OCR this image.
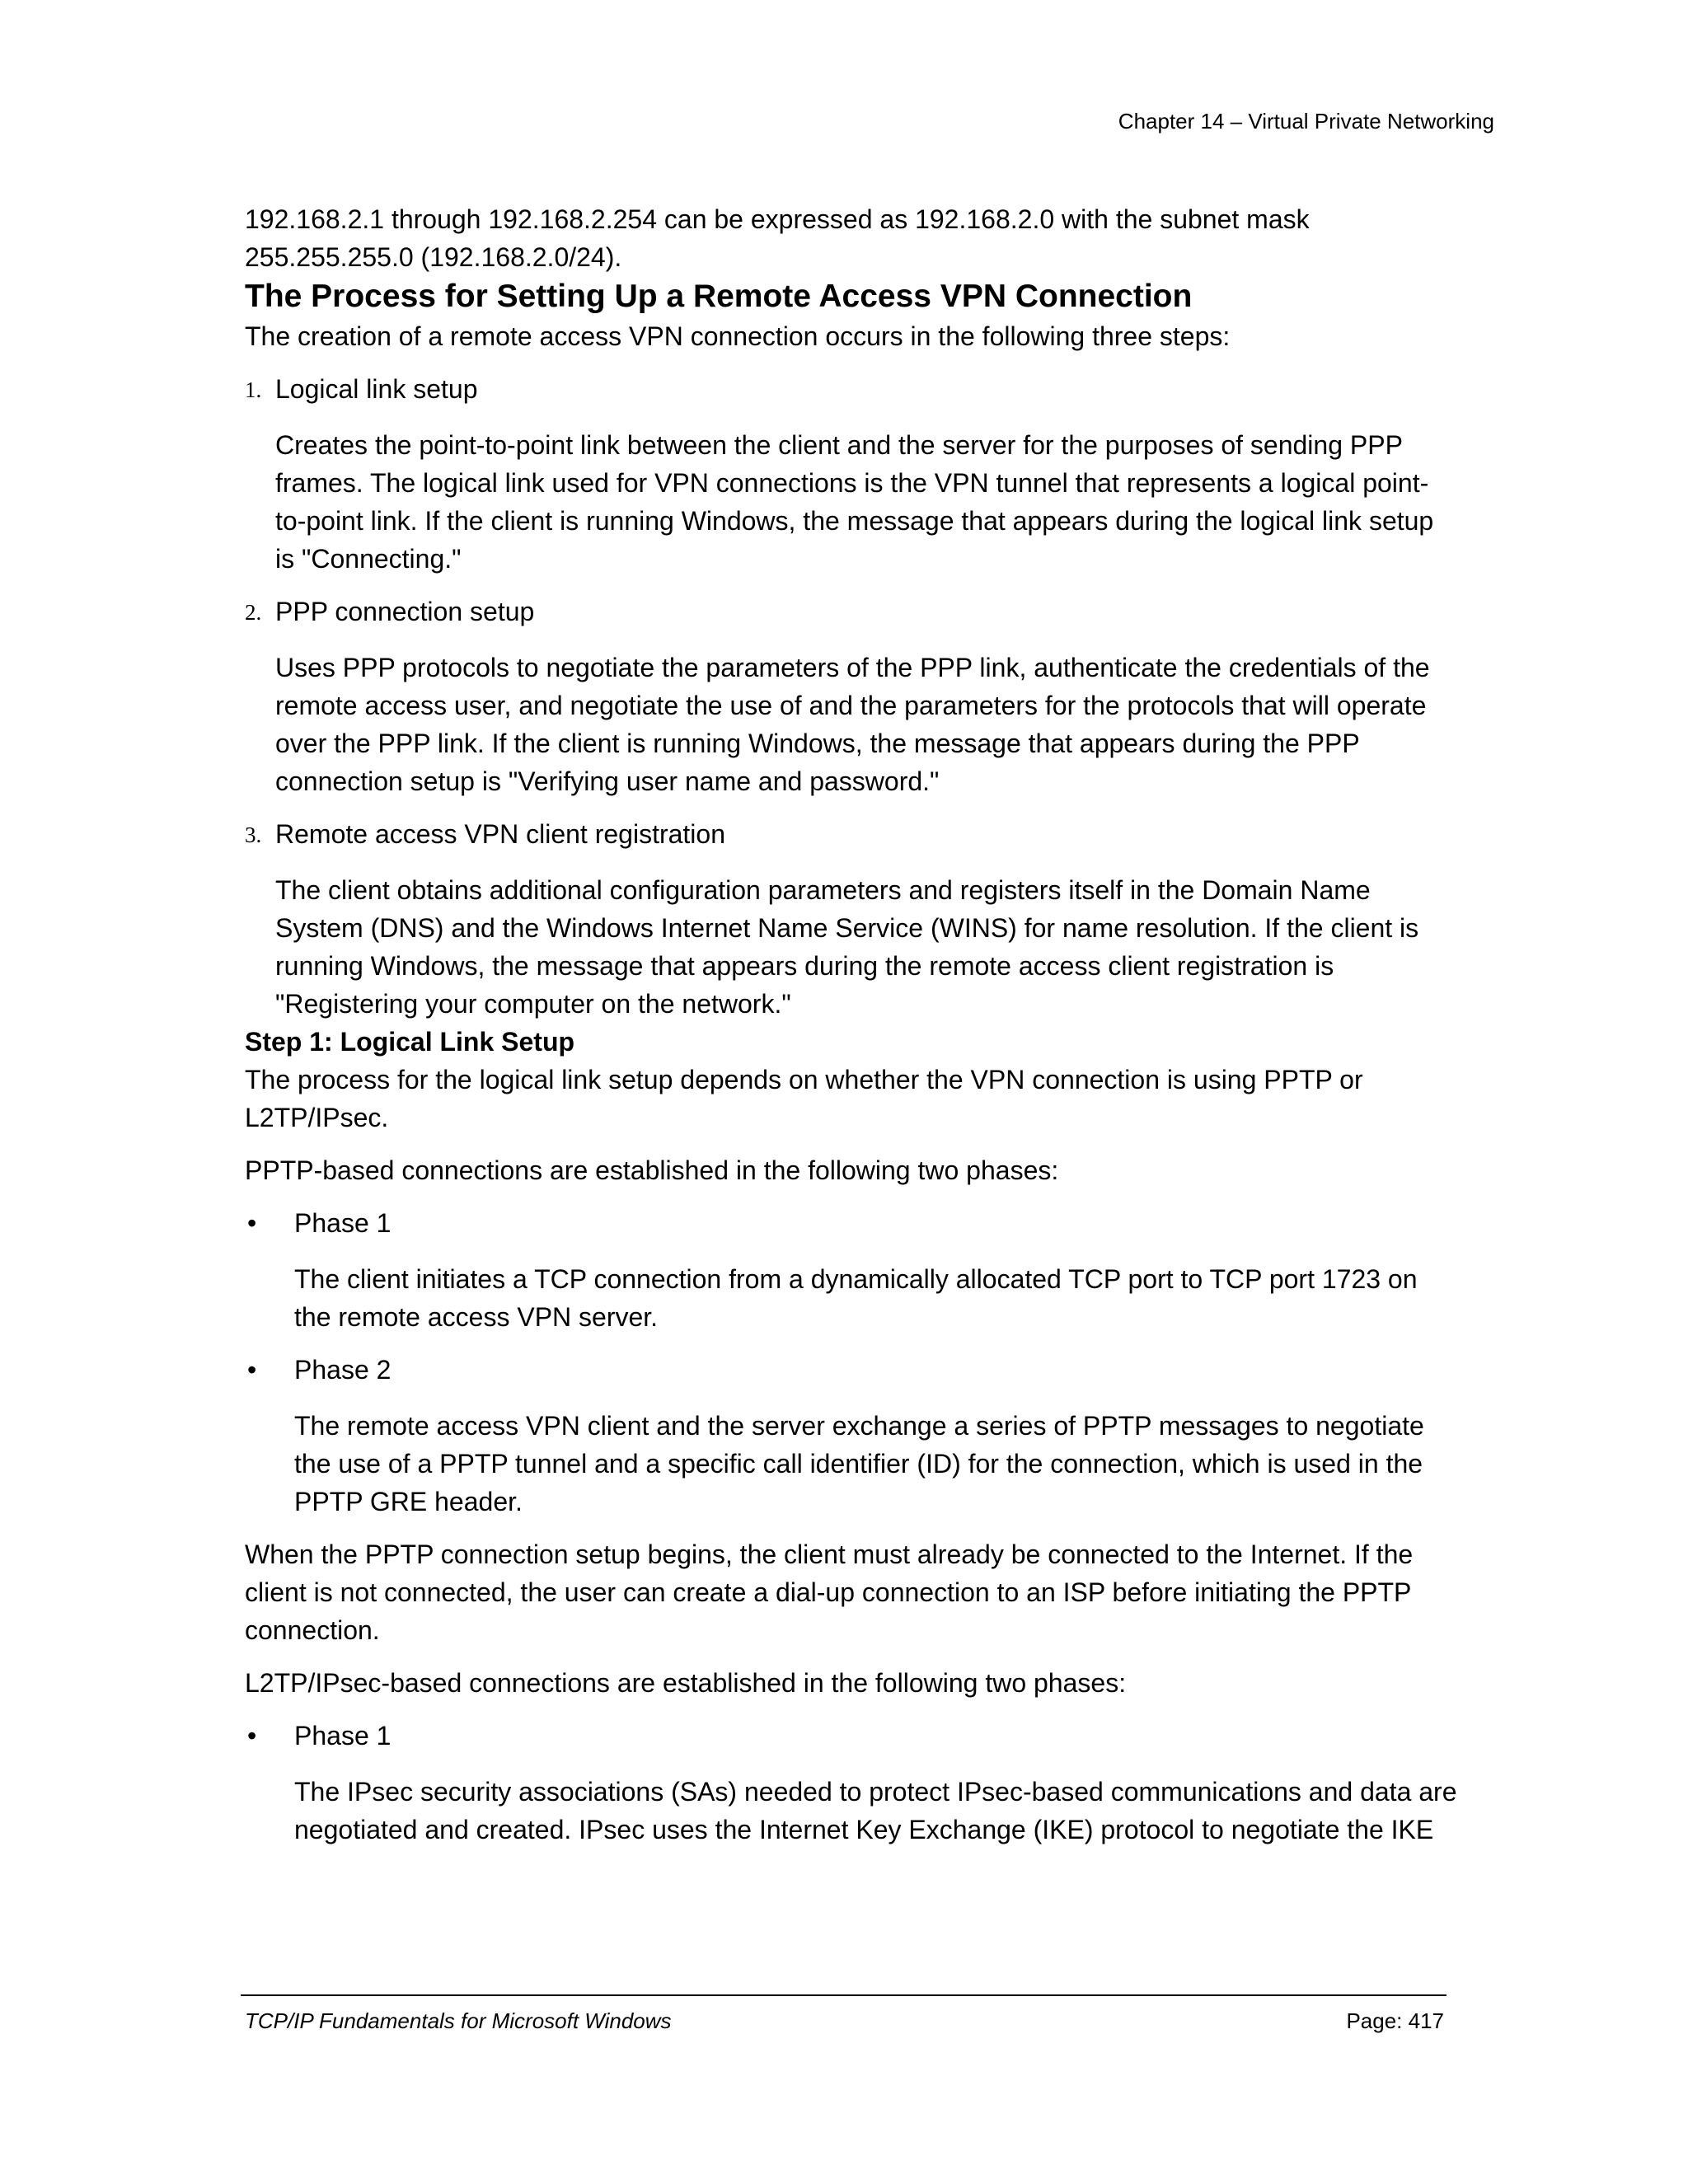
Chapter 14 – Virtual Private Networking

192.168.2.1 through 192.168.2.254 can be expressed as 192.168.2.0 with the subnet mask
255.255.255.0 (192.168.2.0/24).

The Process for Setting Up a Remote Access VPN Connection

The creation of a remote access VPN connection occurs in the following three steps:

1. Logical link setup

Creates the point-to-point link between the client and the server for the purposes of sending PPP
frames. The logical link used for VPN connections is the VPN tunnel that represents a logical point-
to-point link. If the client is running Windows, the message that appears during the logical link setup
is "Connecting."

2. PPP connection setup

Uses PPP protocols to negotiate the parameters of the PPP link, authenticate the credentials of the
remote access user, and negotiate the use of and the parameters for the protocols that will operate
over the PPP link. If the client is running Windows, the message that appears during the PPP
connection setup is "Verifying user name and password."

3. Remote access VPN client registration

The client obtains additional configuration parameters and registers itself in the Domain Name
System (DNS) and the Windows Internet Name Service (WINS) for name resolution. If the client is
running Windows, the message that appears during the remote access client registration is
"Registering your computer on the network."

Step 1: Logical Link Setup

The process for the logical link setup depends on whether the VPN connection is using PPTP or
L2TP/IPsec.

PPTP-based connections are established in the following two phases:

• Phase 1

The client initiates a TCP connection from a dynamically allocated TCP port to TCP port 1723 on
the remote access VPN server.

• Phase 2

The remote access VPN client and the server exchange a series of PPTP messages to negotiate
the use of a PPTP tunnel and a specific call identifier (ID) for the connection, which is used in the
PPTP GRE header.

When the PPTP connection setup begins, the client must already be connected to the Internet. If the
client is not connected, the user can create a dial-up connection to an ISP before initiating the PPTP
connection.

L2TP/IPsec-based connections are established in the following two phases:

• Phase 1

The IPsec security associations (SAs) needed to protect IPsec-based communications and data are
negotiated and created. IPsec uses the Internet Key Exchange (IKE) protocol to negotiate the IKE

TCP/IP Fundamentals for Microsoft Windows	Page: 417
